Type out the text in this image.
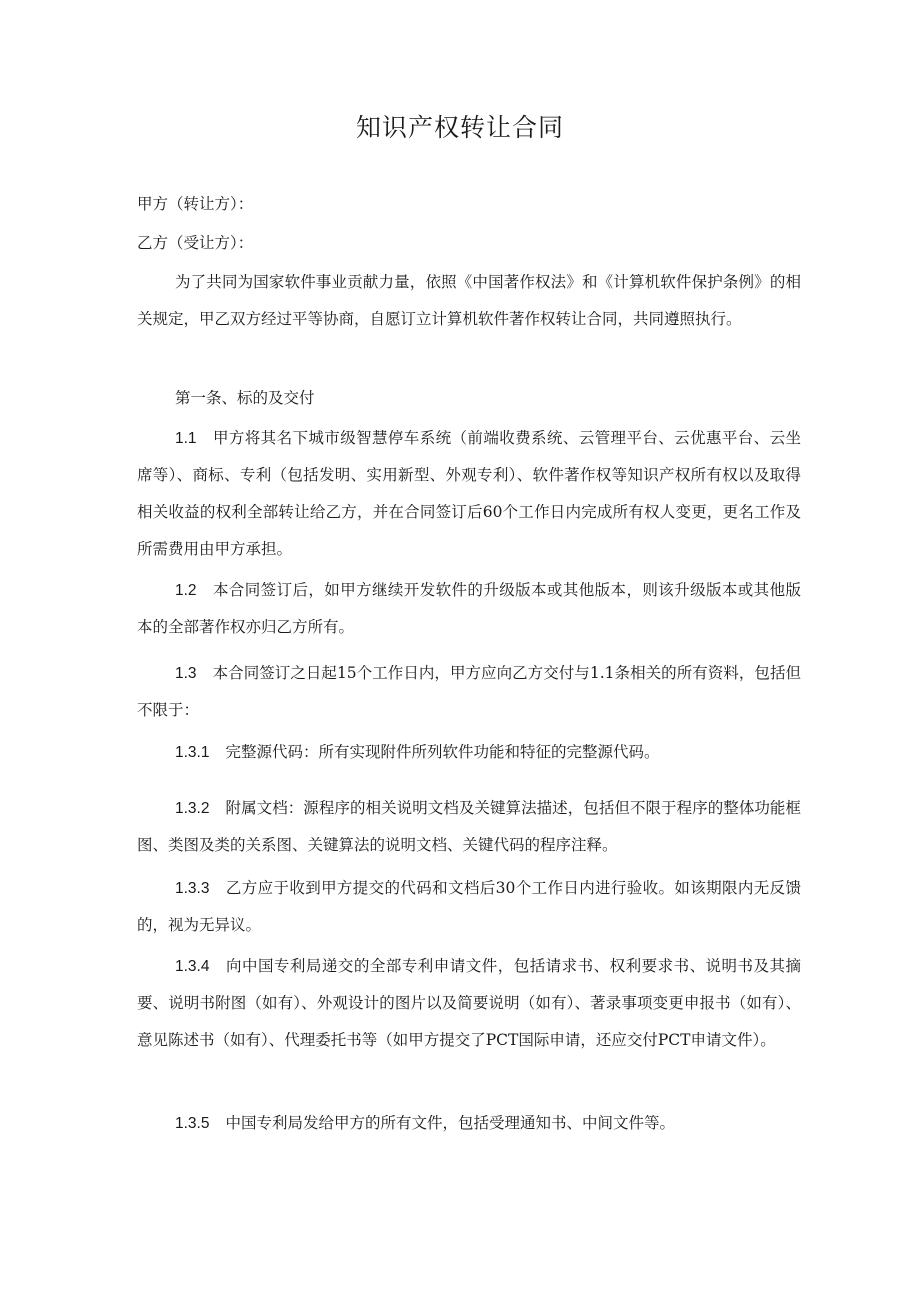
知识产权转让合同
甲方（转让方）：
乙方（受让方）：
为了共同为国家软件事业贡献力量，依照《中国著作权法》和《计算机软件保护条例》的相关规定，甲乙双方经过平等协商，自愿订立计算机软件著作权转让合同，共同遵照执行。
第一条、标的及交付
1.1 甲方将其名下城市级智慧停车系统（前端收费系统、云管理平台、云优惠平台、云坐席等）、商标、专利（包括发明、实用新型、外观专利）、软件著作权等知识产权所有权以及取得相关收益的权利全部转让给乙方，并在合同签订后60个工作日内完成所有权人变更，更名工作及所需费用由甲方承担。
1.2 本合同签订后，如甲方继续开发软件的升级版本或其他版本，则该升级版本或其他版本的全部著作权亦归乙方所有。
1.3 本合同签订之日起15个工作日内，甲方应向乙方交付与1.1条相关的所有资料，包括但不限于：
1.3.1 完整源代码：所有实现附件所列软件功能和特征的完整源代码。
1.3.2 附属文档：源程序的相关说明文档及关键算法描述，包括但不限于程序的整体功能框图、类图及类的关系图、关键算法的说明文档、关键代码的程序注释。
1.3.3 乙方应于收到甲方提交的代码和文档后30个工作日内进行验收。如该期限内无反馈的，视为无异议。
1.3.4 向中国专利局递交的全部专利申请文件，包括请求书、权利要求书、说明书及其摘要、说明书附图（如有）、外观设计的图片以及简要说明（如有）、著录事项变更申报书（如有）、意见陈述书（如有）、代理委托书等（如甲方提交了PCT国际申请，还应交付PCT申请文件）。
1.3.5 中国专利局发给甲方的所有文件，包括受理通知书、中间文件等。
